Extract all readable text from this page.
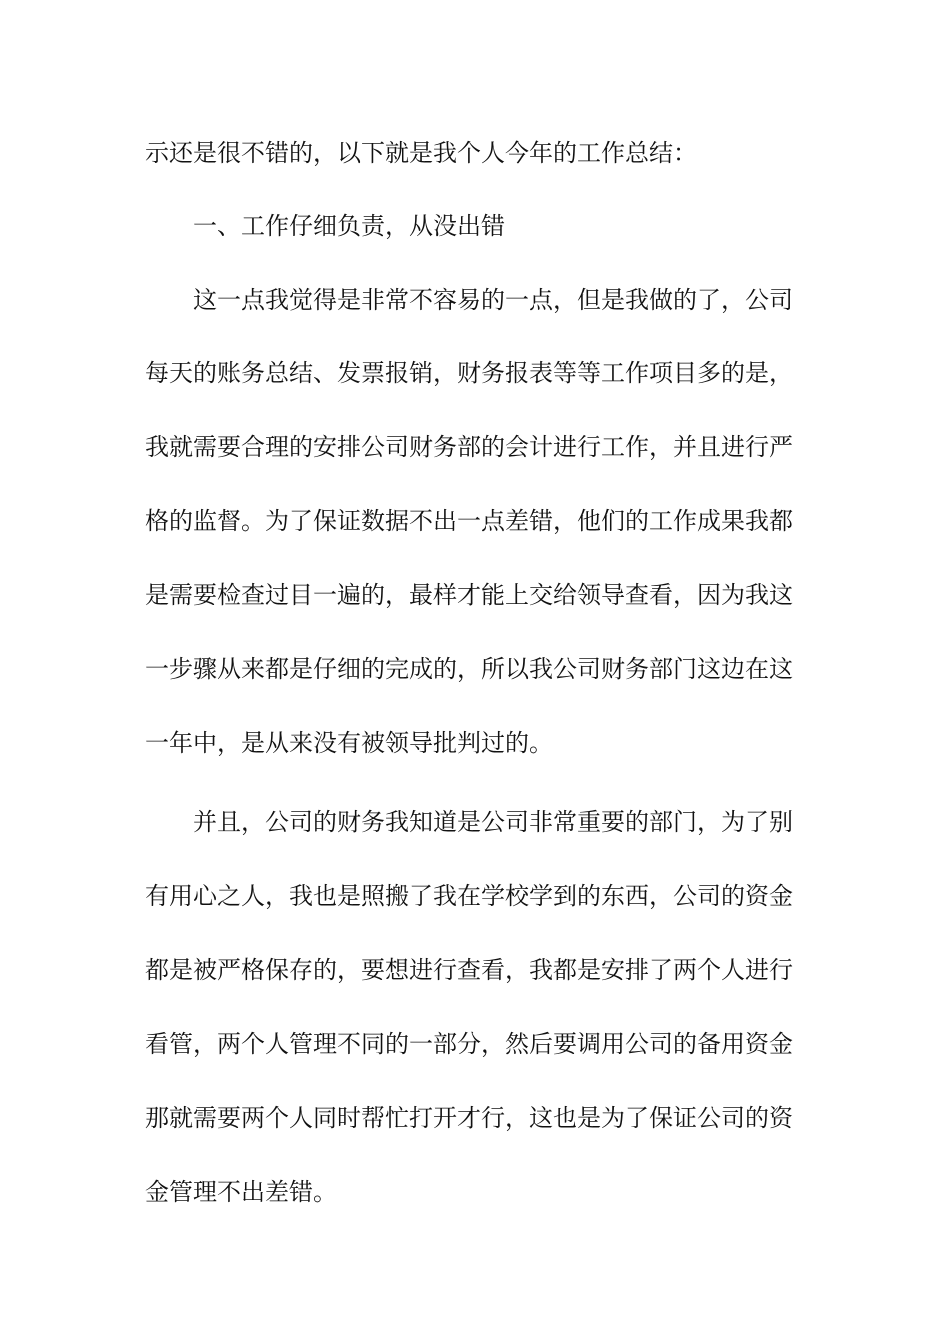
示还是很不错的，以下就是我个人今年的工作总结：
一、工作仔细负责，从没出错
这一点我觉得是非常不容易的一点，但是我做的了，公司
每天的账务总结、发票报销，财务报表等等工作项目多的是，
我就需要合理的安排公司财务部的会计进行工作，并且进行严
格的监督。为了保证数据不出一点差错，他们的工作成果我都
是需要检查过目一遍的，最样才能上交给领导查看，因为我这
一步骤从来都是仔细的完成的，所以我公司财务部门这边在这
一年中，是从来没有被领导批判过的。
并且，公司的财务我知道是公司非常重要的部门，为了别
有用心之人，我也是照搬了我在学校学到的东西，公司的资金
都是被严格保存的，要想进行查看，我都是安排了两个人进行
看管，两个人管理不同的一部分，然后要调用公司的备用资金
那就需要两个人同时帮忙打开才行，这也是为了保证公司的资
金管理不出差错。
